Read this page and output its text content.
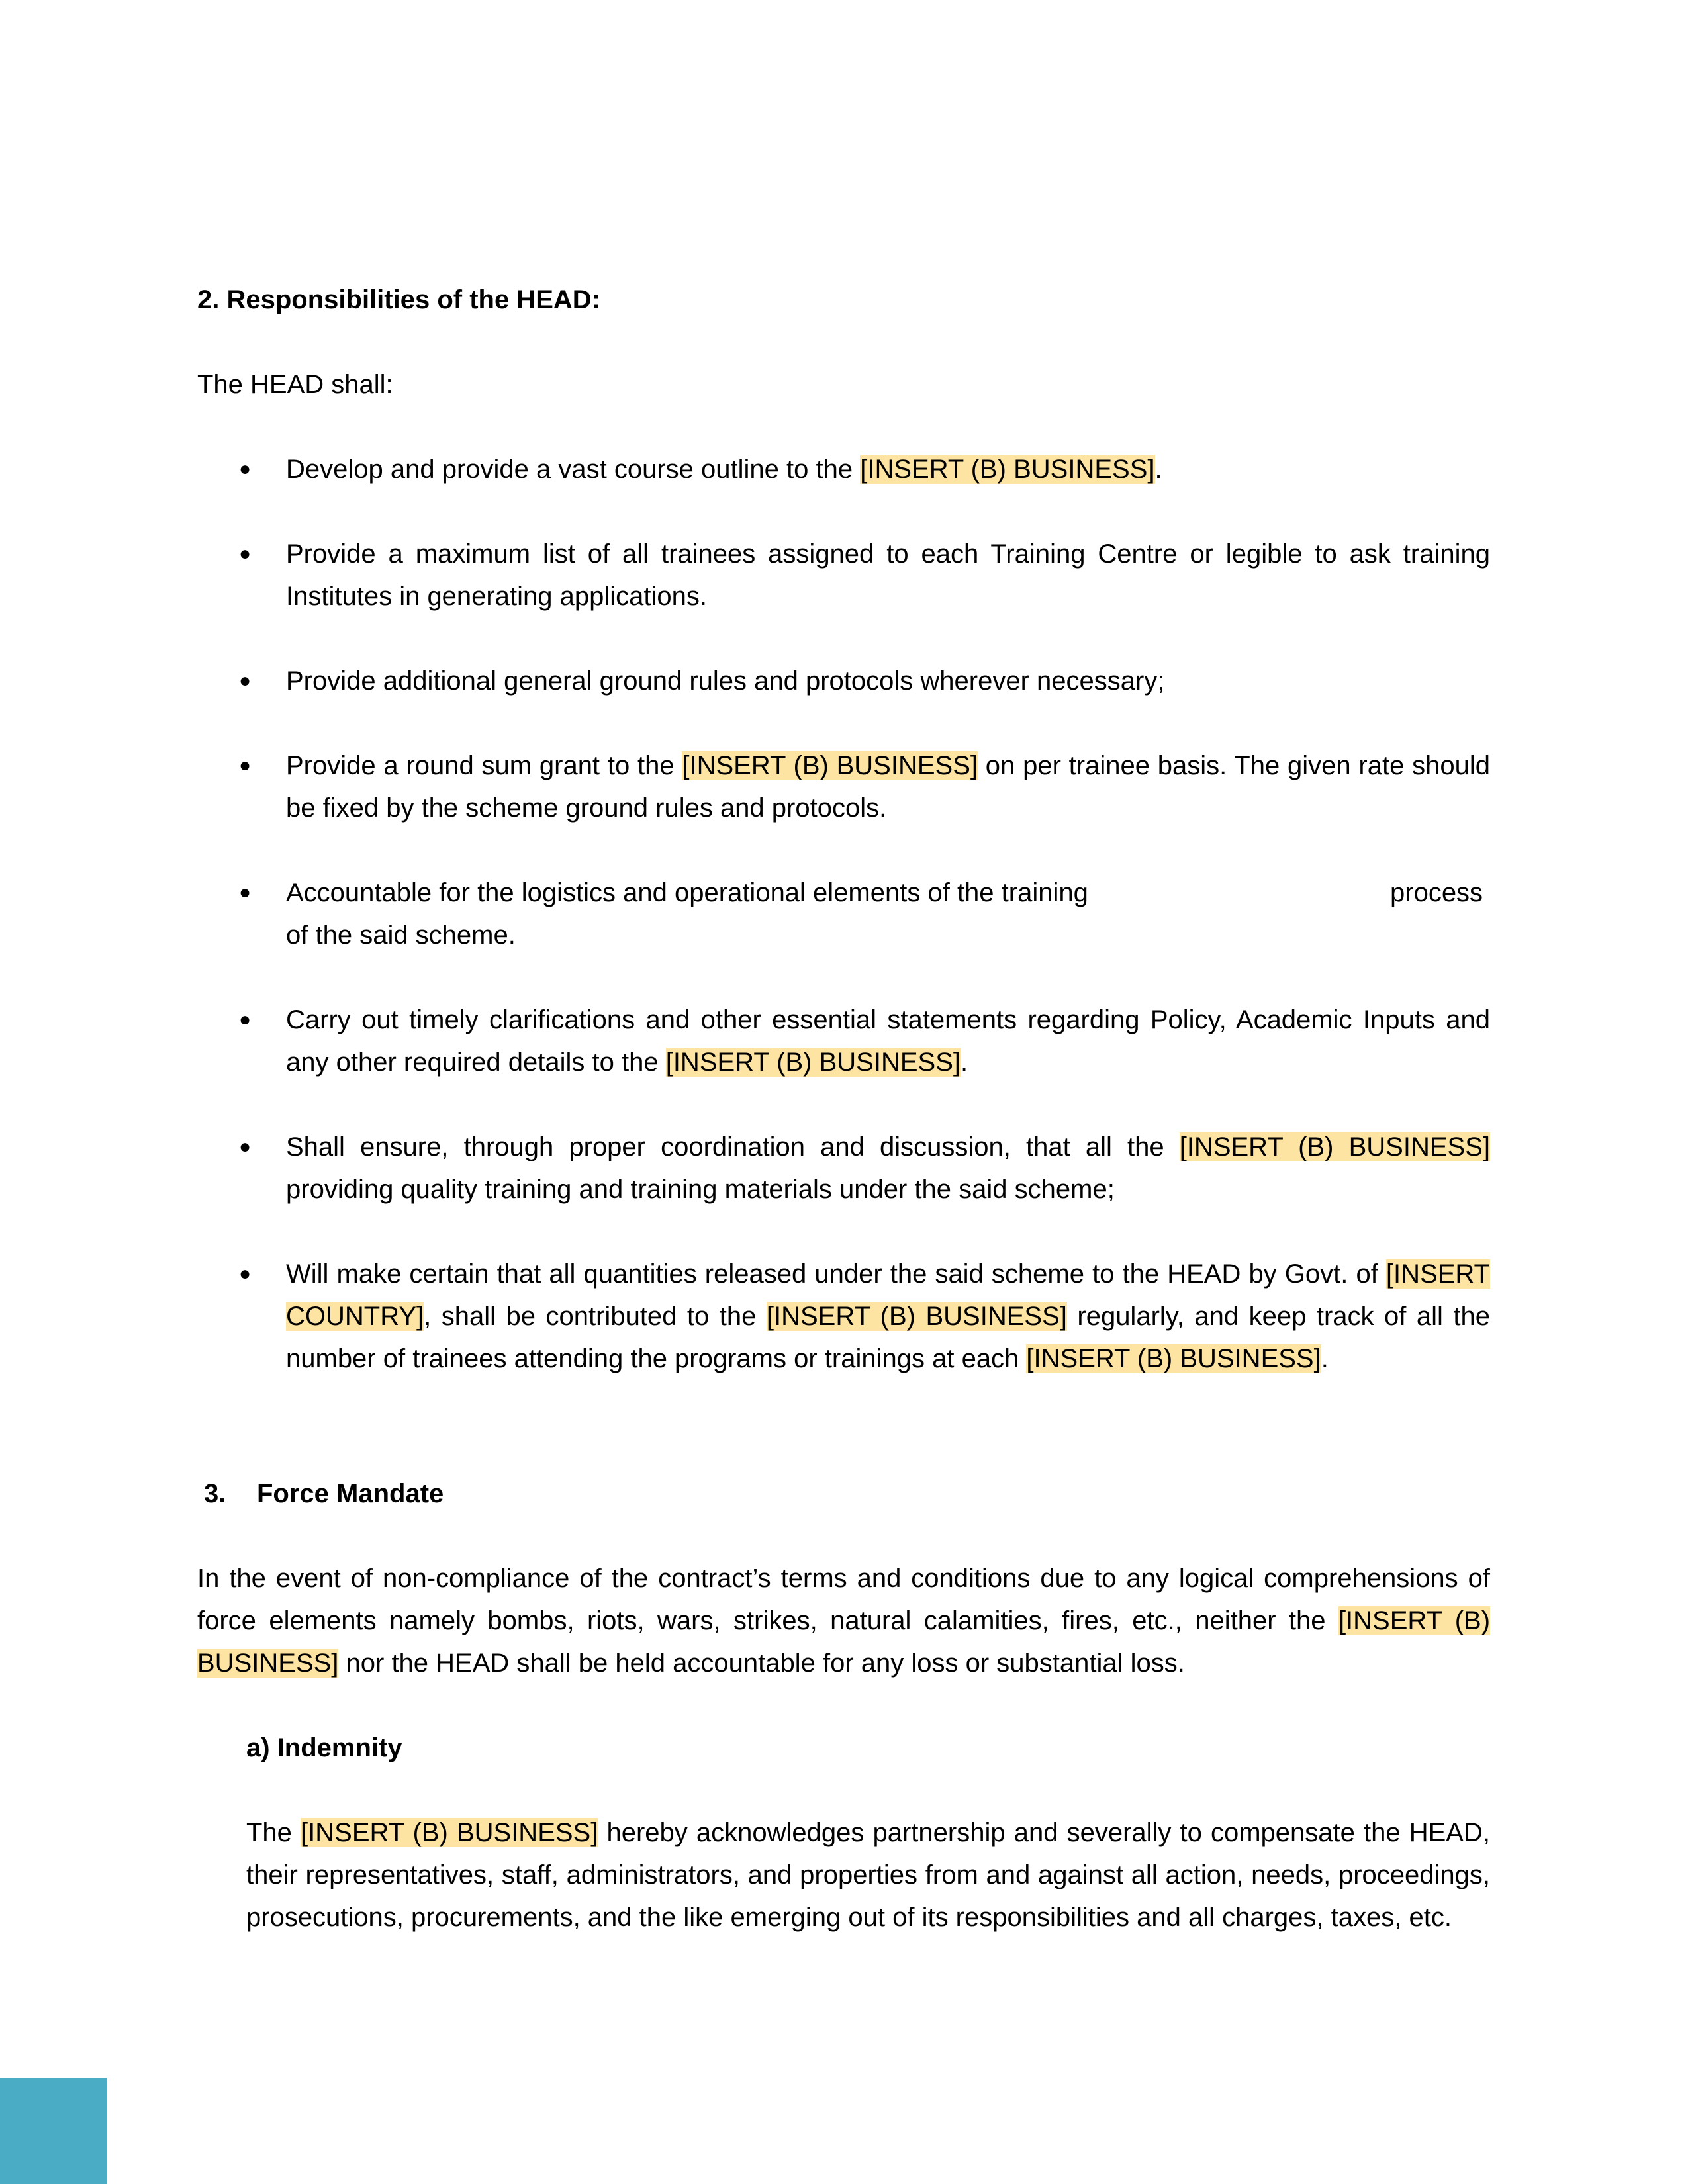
2. Responsibilities of the HEAD:

The HEAD shall:

● Develop and provide a vast course outline to the [INSERT (B) BUSINESS].

● Provide a maximum list of all trainees assigned to each Training Centre or legible to ask training Institutes in generating applications.

● Provide additional general ground rules and protocols wherever necessary;

● Provide a round sum grant to the [INSERT (B) BUSINESS] on per trainee basis. The given rate should be fixed by the scheme ground rules and protocols.

● Accountable for the logistics and operational elements of the training	process

of the said scheme.

● Carry out timely clarifications and other essential statements regarding Policy, Academic Inputs and any other required details to the [INSERT (B) BUSINESS].

● Shall ensure, through proper coordination and discussion, that all the [INSERT (B) BUSINESS] providing quality training and training materials under the said scheme;

● Will make certain that all quantities released under the said scheme to the HEAD by Govt. of [INSERT COUNTRY], shall be contributed to the [INSERT (B) BUSINESS] regularly, and keep track of all the number of trainees attending the programs or trainings at each [INSERT (B) BUSINESS].

3. Force Mandate

In the event of non-compliance of the contract’s terms and conditions due to any logical comprehensions of force elements namely bombs, riots, wars, strikes, natural calamities, fires, etc., neither the [INSERT (B) BUSINESS] nor the HEAD shall be held accountable for any loss or substantial loss.

a) Indemnity

The [INSERT (B) BUSINESS] hereby acknowledges partnership and severally to compensate the HEAD, their representatives, staff, administrators, and properties from and against all action, needs, proceedings, prosecutions, procurements, and the like emerging out of its responsibilities and all charges, taxes, etc.
